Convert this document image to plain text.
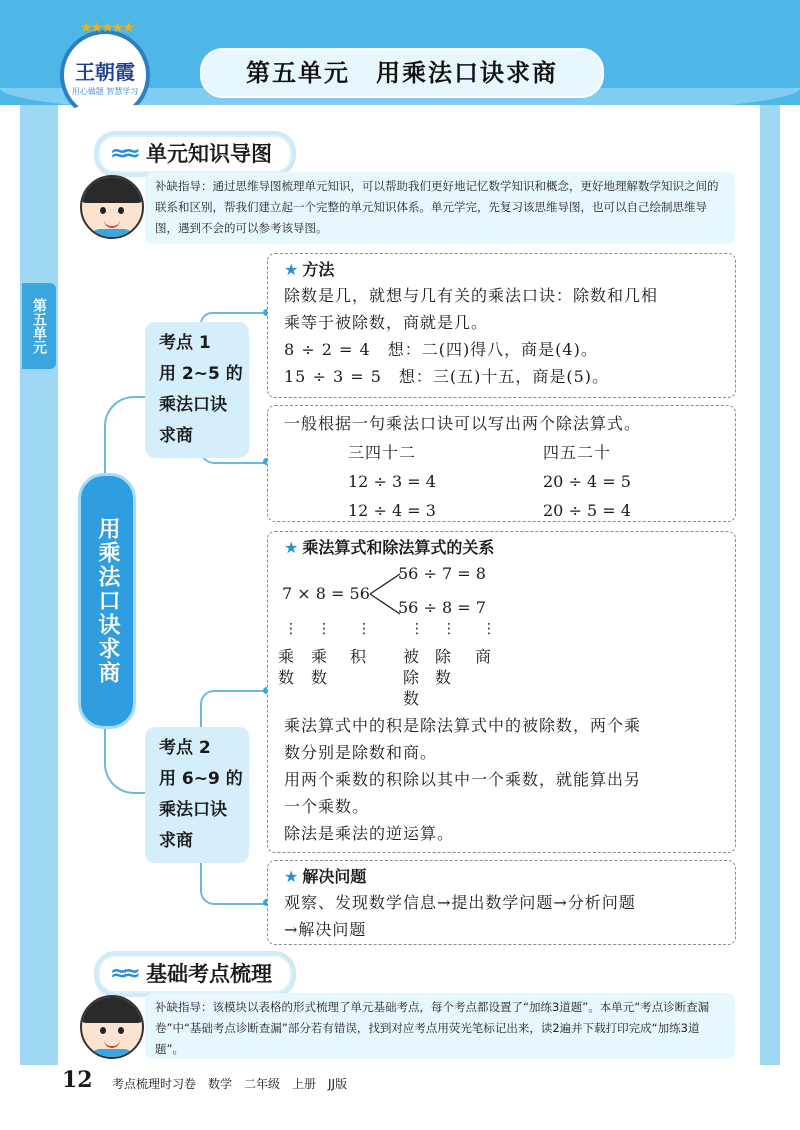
★★★★★
王朝霞
用心做题 智慧学习
第五单元　用乘法口诀求商
第五单元
≈≈ 单元知识导图
补缺指导：通过思维导图梳理单元知识，可以帮助我们更好地记忆数学知识和概念，更好地理解数学知识之间的联系和区别，帮我们建立起一个完整的单元知识体系。单元学完，先复习该思维导图，也可以自己绘制思维导图，遇到不会的可以参考该导图。
用乘法口诀求商
考点 1
用 2~5 的
乘法口诀
求商
考点 2
用 6~9 的
乘法口诀
求商
★ 方法
除数是几，就想与几有关的乘法口诀：除数和几相
乘等于被除数，商就是几。
8 ÷ 2 = 4　想：二(四)得八，商是(4)。
15 ÷ 3 = 5　想：三(五)十五，商是(5)。
一般根据一句乘法口诀可以写出两个除法算式。
三四十二
12 ÷ 3 = 4
12 ÷ 4 = 3
四五二十
20 ÷ 4 = 5
20 ÷ 5 = 4
★ 乘法算式和除法算式的关系
7 × 8 = 56
56 ÷ 7 = 8
56 ÷ 8 = 7
⋮ ⋮ ⋮	⋮ ⋮ ⋮
乘数
乘数
积 被除数
除数
商
乘法算式中的积是除法算式中的被除数，两个乘
数分别是除数和商。
用两个乘数的积除以其中一个乘数，就能算出另
一个乘数。
除法是乘法的逆运算。
★ 解决问题
观察、发现数学信息→提出数学问题→分析问题
→解决问题
≈≈ 基础考点梳理
补缺指导：该模块以表格的形式梳理了单元基础考点，每个考点都设置了“加练3道题”。本单元“考点诊断查漏卷”中“基础考点诊断查漏”部分若有错误，找到对应考点用荧光笔标记出来，读2遍并下载打印完成“加练3道题”。
12 考点梳理时习卷　数学　二年级　上册　JJ版
